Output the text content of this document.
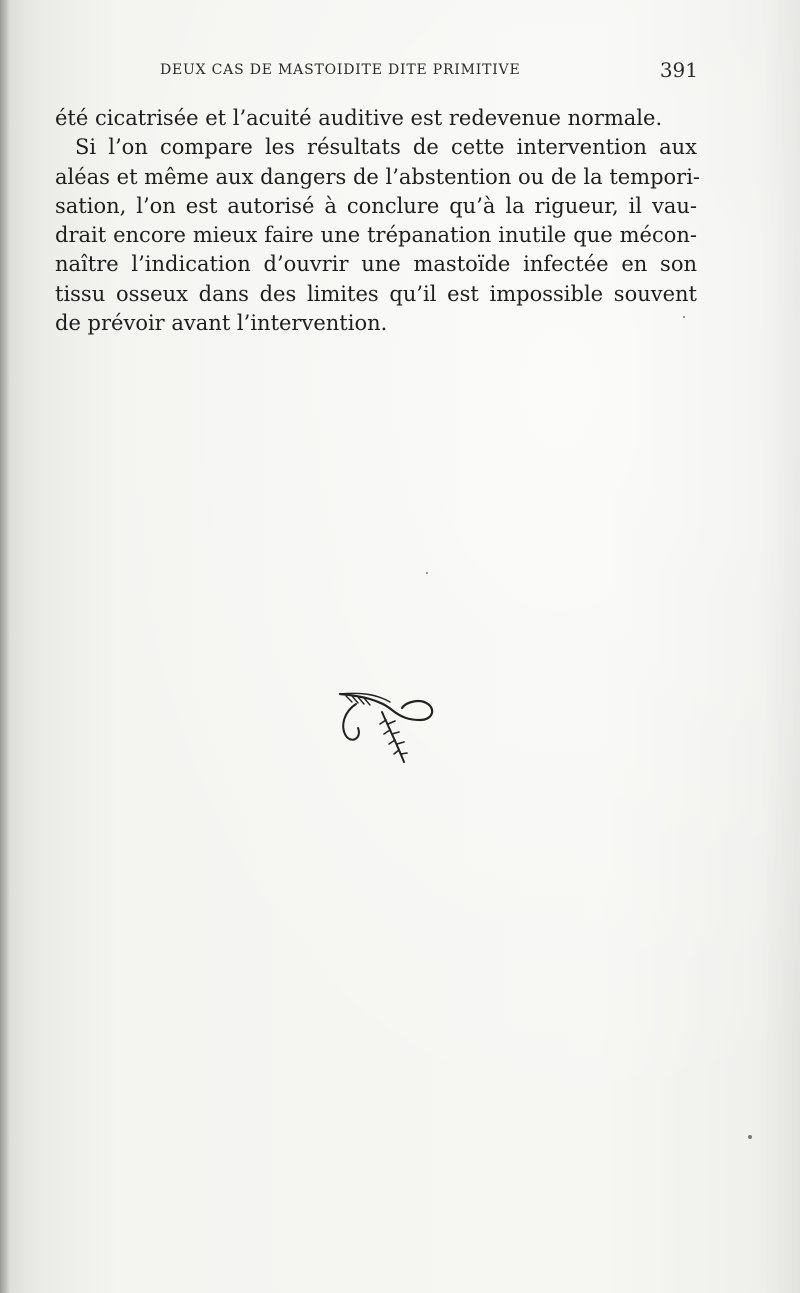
DEUX CAS DE MASTOIDITE DITE PRIMITIVE	391
été cicatrisée et l’acuité auditive est redevenue normale.
Si l’on compare les résultats de cette intervention aux
aléas et même aux dangers de l’abstention ou de la tempori-
sation, l’on est autorisé à conclure qu’à la rigueur, il vau-
drait encore mieux faire une trépanation inutile que mécon-
naître l’indication d’ouvrir une mastoïde infectée en son
tissu osseux dans des limites qu’il est impossible souvent
de prévoir avant l’intervention.
